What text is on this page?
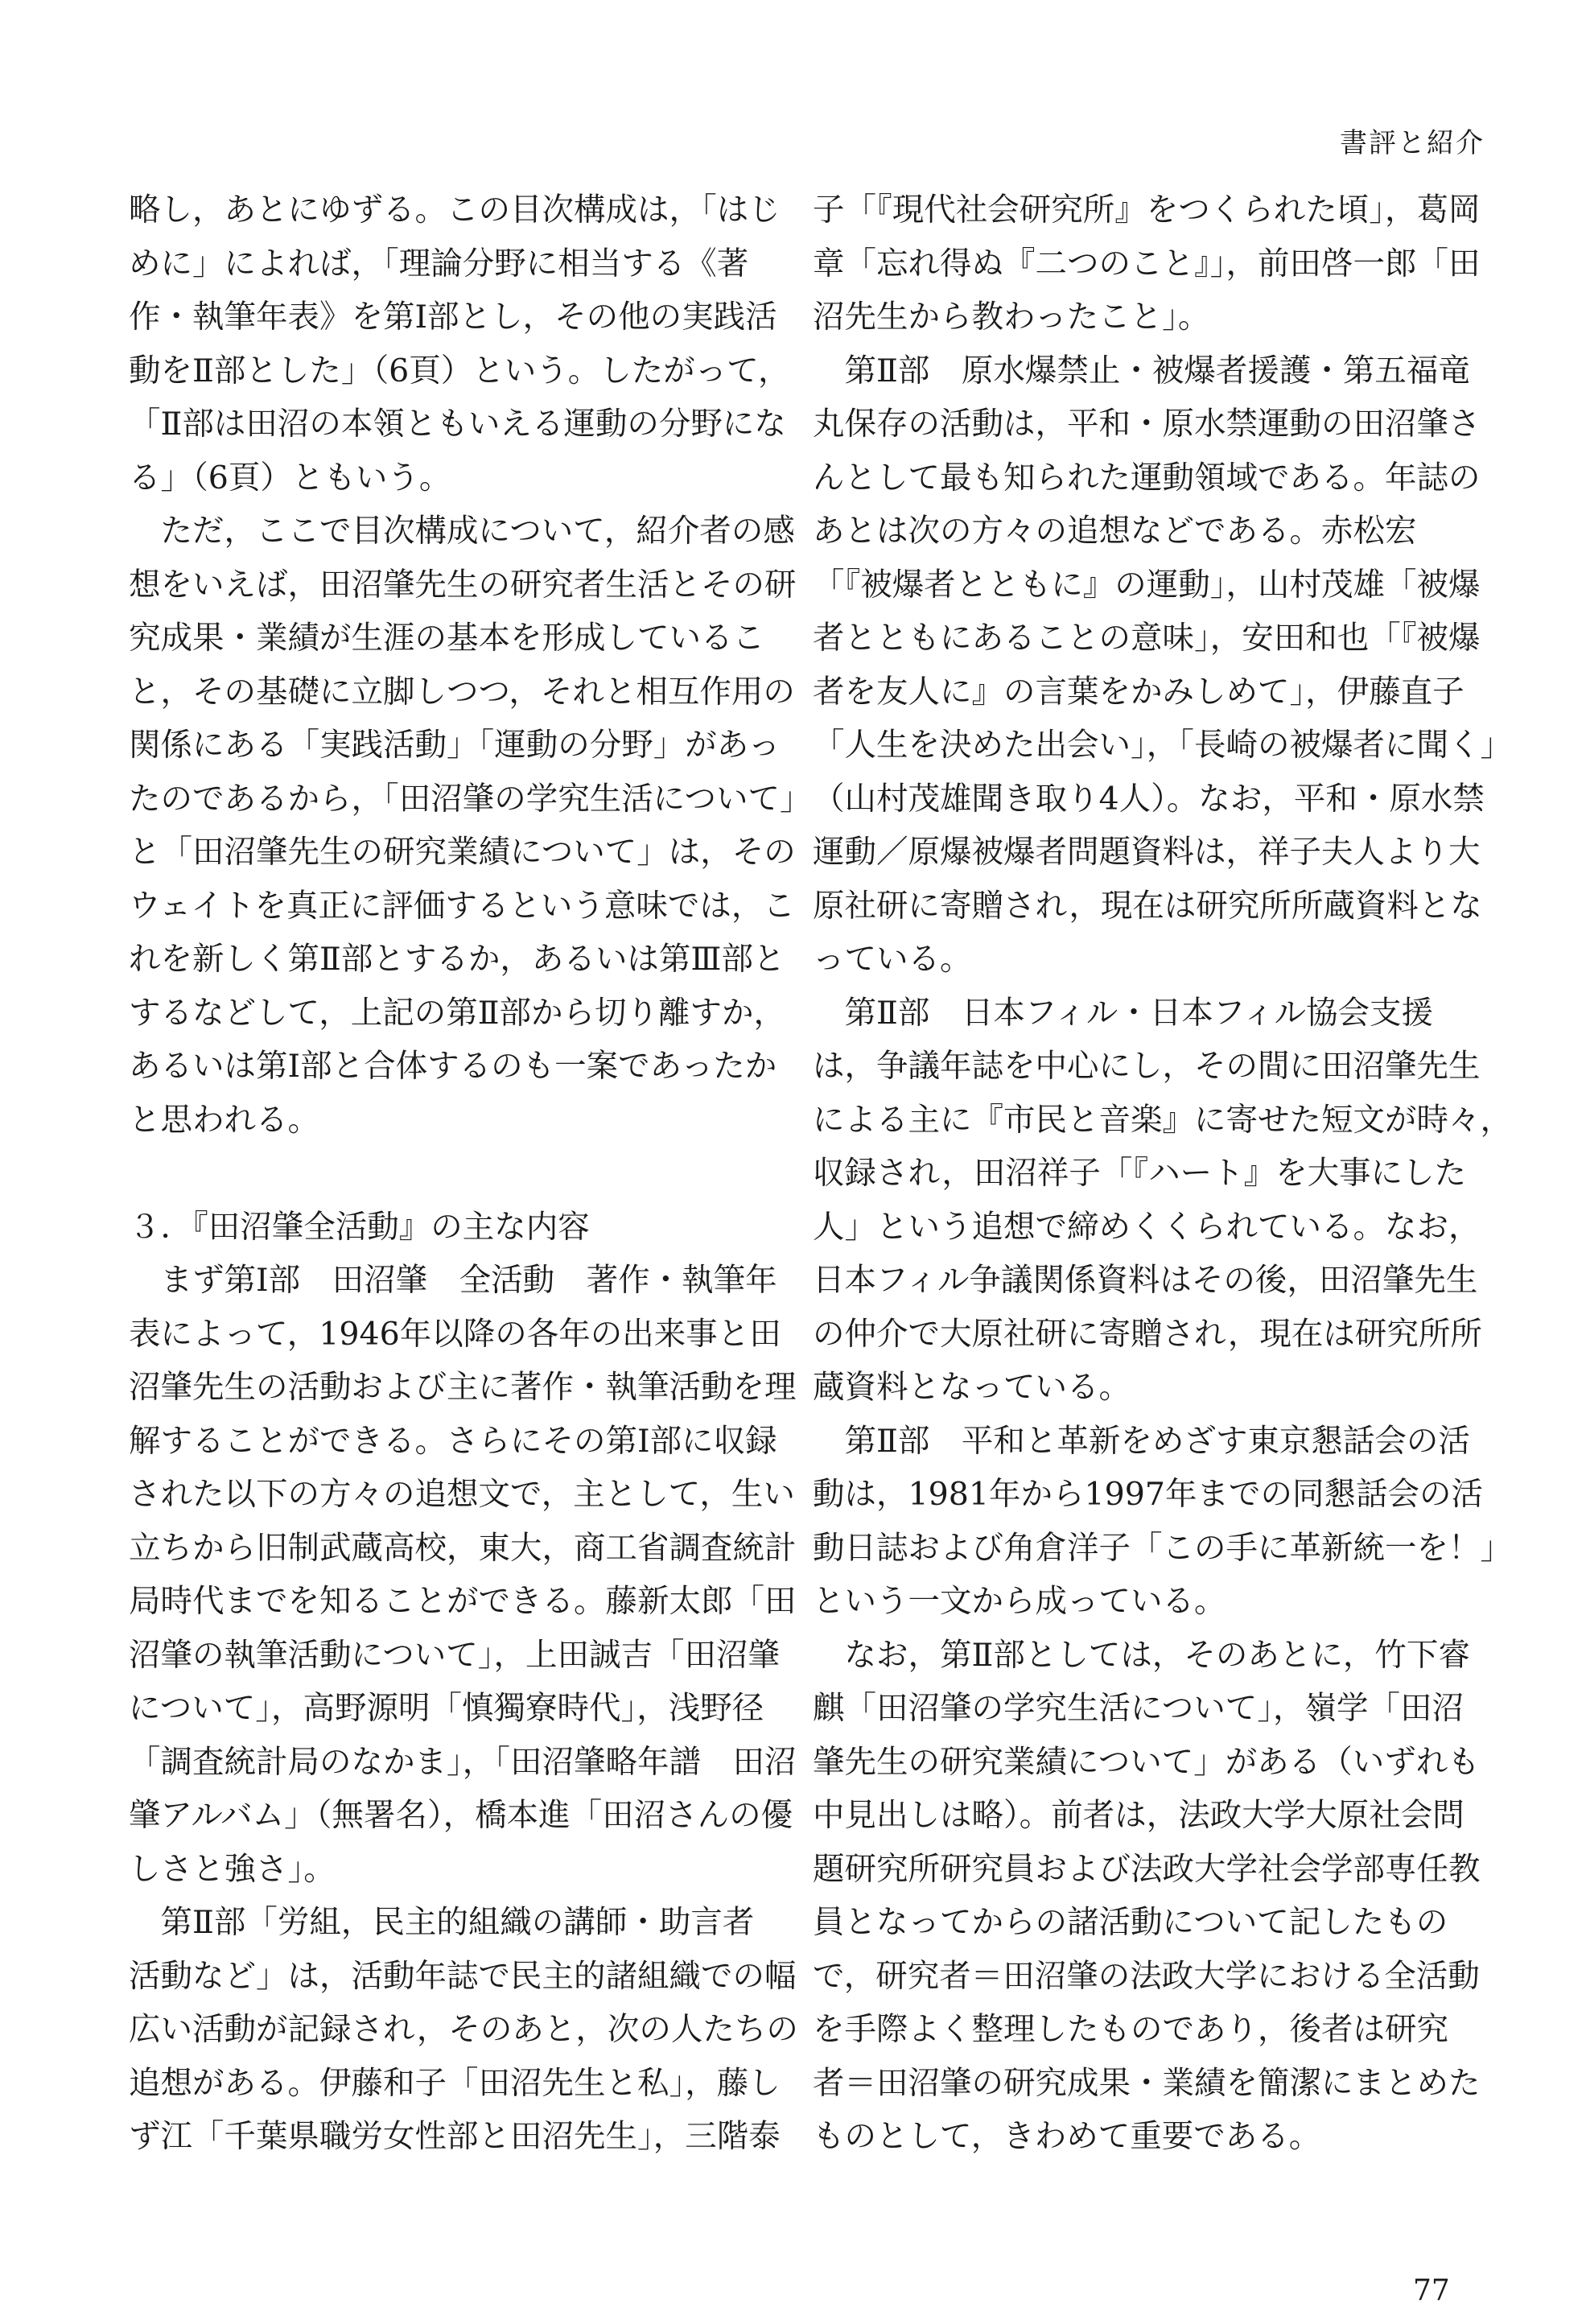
書評と紹介

略し，あとにゆずる。この目次構成は，「はじ

めに」によれば，「理論分野に相当する《著

作・執筆年表》を第Ⅰ部とし，その他の実践活

動をⅡ部とした」（6頁）という。したがって，

「Ⅱ部は田沼の本領ともいえる運動の分野にな

る」（6頁）ともいう。

　ただ，ここで目次構成について，紹介者の感

想をいえば，田沼肇先生の研究者生活とその研

究成果・業績が生涯の基本を形成しているこ

と，その基礎に立脚しつつ，それと相互作用の

関係にある「実践活動」「運動の分野」があっ

たのであるから，「田沼肇の学究生活について」

と「田沼肇先生の研究業績について」は，その

ウェイトを真正に評価するという意味では，こ

れを新しく第Ⅱ部とするか，あるいは第Ⅲ部と

するなどして，上記の第Ⅱ部から切り離すか，

あるいは第Ⅰ部と合体するのも一案であったか

と思われる。

３．『田沼肇全活動』の主な内容

　まず第Ⅰ部　田沼肇　全活動　著作・執筆年

表によって，1946年以降の各年の出来事と田

沼肇先生の活動および主に著作・執筆活動を理

解することができる。さらにその第Ⅰ部に収録

された以下の方々の追想文で，主として，生い

立ちから旧制武蔵高校，東大，商工省調査統計

局時代までを知ることができる。藤新太郎「田

沼肇の執筆活動について」，上田誠吉「田沼肇

について」，高野源明「慎獨寮時代」，浅野径

「調査統計局のなかま」，「田沼肇略年譜　田沼

肇アルバム」（無署名），橋本進「田沼さんの優

しさと強さ」。

　第Ⅱ部「労組，民主的組織の講師・助言者

活動など」は，活動年誌で民主的諸組織での幅

広い活動が記録され，そのあと，次の人たちの

追想がある。伊藤和子「田沼先生と私」，藤し

ず江「千葉県職労女性部と田沼先生」，三階泰

子「『現代社会研究所』をつくられた頃」，葛岡

章「忘れ得ぬ『二つのこと』」，前田啓一郎「田

沼先生から教わったこと」。

　第Ⅱ部　原水爆禁止・被爆者援護・第五福竜

丸保存の活動は，平和・原水禁運動の田沼肇さ

んとして最も知られた運動領域である。年誌の

あとは次の方々の追想などである。赤松宏

「『被爆者とともに』の運動」，山村茂雄「被爆

者とともにあることの意味」，安田和也「『被爆

者を友人に』の言葉をかみしめて」，伊藤直子

「人生を決めた出会い」，「長崎の被爆者に聞く」

（山村茂雄聞き取り4人）。なお，平和・原水禁

運動／原爆被爆者問題資料は，祥子夫人より大

原社研に寄贈され，現在は研究所所蔵資料とな

っている。

　第Ⅱ部　日本フィル・日本フィル協会支援

は，争議年誌を中心にし，その間に田沼肇先生

による主に『市民と音楽』に寄せた短文が時々，

収録され，田沼祥子「『ハート』を大事にした

人」という追想で締めくくられている。なお，

日本フィル争議関係資料はその後，田沼肇先生

の仲介で大原社研に寄贈され，現在は研究所所

蔵資料となっている。

　第Ⅱ部　平和と革新をめざす東京懇話会の活

動は，1981年から1997年までの同懇話会の活

動日誌および角倉洋子「この手に革新統一を！」

という一文から成っている。

　なお，第Ⅱ部としては，そのあとに，竹下睿

麒「田沼肇の学究生活について」，嶺学「田沼

肇先生の研究業績について」がある（いずれも

中見出しは略）。前者は，法政大学大原社会問

題研究所研究員および法政大学社会学部専任教

員となってからの諸活動について記したもの

で，研究者＝田沼肇の法政大学における全活動

を手際よく整理したものであり，後者は研究

者＝田沼肇の研究成果・業績を簡潔にまとめた

ものとして，きわめて重要である。

77
